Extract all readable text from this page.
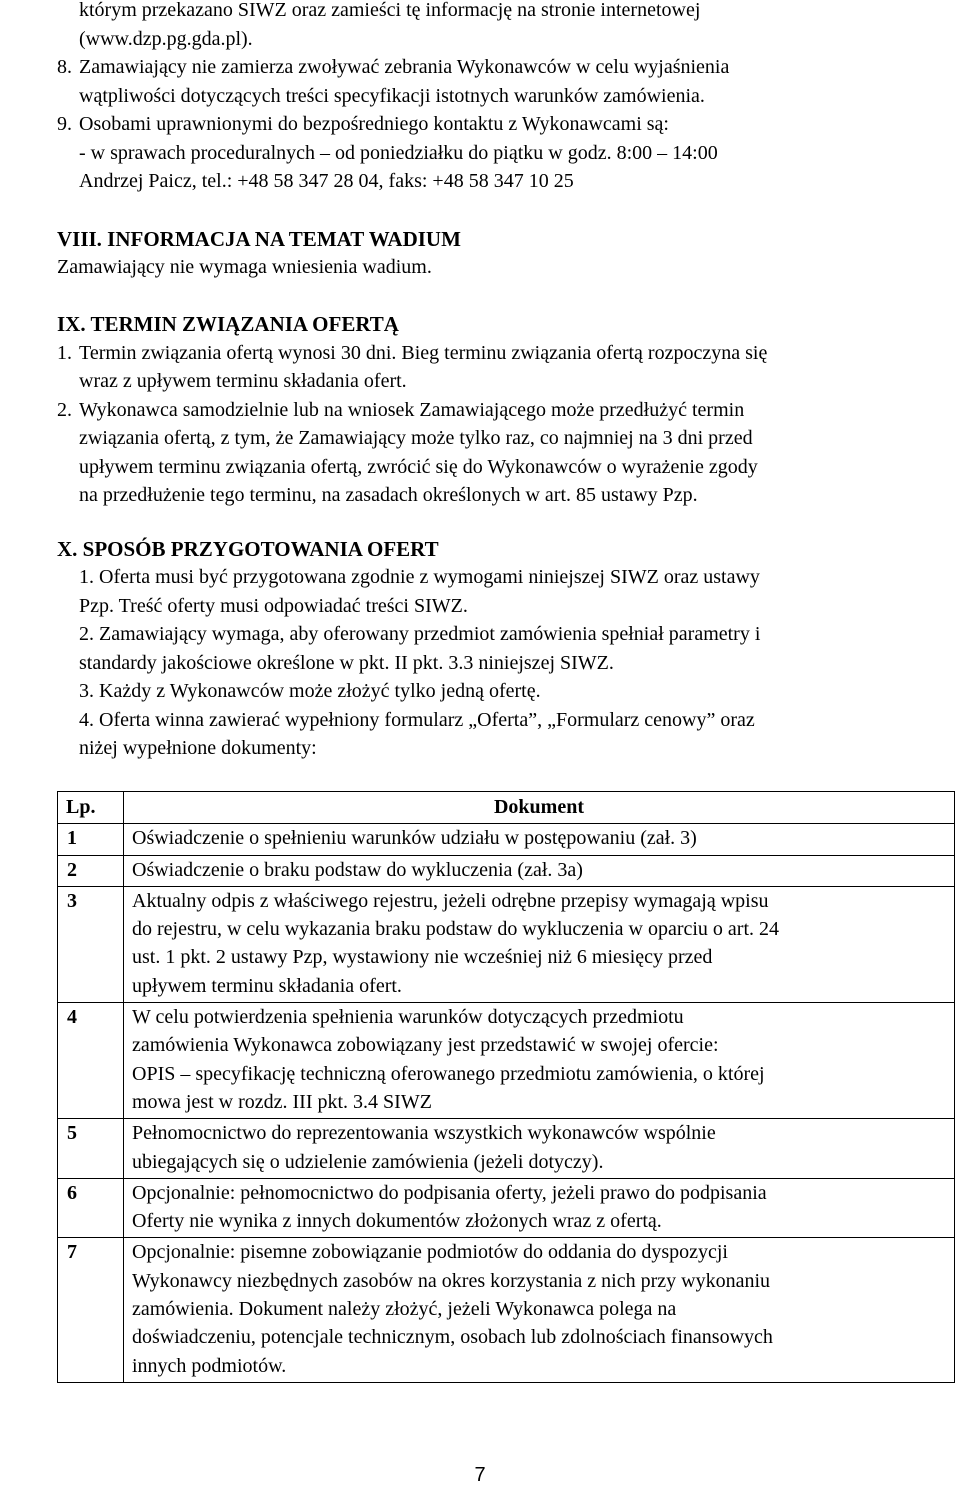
którym przekazano SIWZ oraz zamieści tę informację na stronie internetowej
(www.dzp.pg.gda.pl).
8. Zamawiający nie zamierza zwoływać zebrania Wykonawców w celu wyjaśnienia
wątpliwości dotyczących treści specyfikacji istotnych warunków zamówienia.
9. Osobami uprawnionymi do bezpośredniego kontaktu z Wykonawcami są:
- w sprawach proceduralnych – od poniedziałku do piątku w godz. 8:00 – 14:00
Andrzej Paicz, tel.: +48 58 347 28 04, faks: +48 58 347 10 25
VIII. INFORMACJA NA TEMAT WADIUM
Zamawiający nie wymaga wniesienia wadium.
IX. TERMIN ZWIĄZANIA OFERTĄ
1. Termin związania ofertą wynosi 30 dni. Bieg terminu związania ofertą rozpoczyna się
wraz z upływem terminu składania ofert.
2. Wykonawca samodzielnie lub na wniosek Zamawiającego może przedłużyć termin
związania ofertą, z tym, że Zamawiający może tylko raz, co najmniej na 3 dni przed
upływem terminu związania ofertą, zwrócić się do Wykonawców o wyrażenie zgody
na przedłużenie tego terminu, na zasadach określonych w art. 85 ustawy Pzp.
X. SPOSÓB PRZYGOTOWANIA OFERT
1. Oferta musi być przygotowana zgodnie z wymogami niniejszej SIWZ oraz ustawy
Pzp. Treść oferty musi odpowiadać treści SIWZ.
2. Zamawiający wymaga, aby oferowany przedmiot zamówienia spełniał parametry i
standardy jakościowe określone w pkt. II pkt. 3.3 niniejszej SIWZ.
3. Każdy z Wykonawców może złożyć tylko jedną ofertę.
4. Oferta winna zawierać wypełniony formularz „Oferta”, „Formularz cenowy” oraz
niżej wypełnione dokumenty:
Lp.	Dokument
1	Oświadczenie o spełnieniu warunków udziału w postępowaniu (zał. 3)

2	Oświadczenie o braku podstaw do wykluczenia (zał. 3a)

3	Aktualny odpis z właściwego rejestru, jeżeli odrębne przepisy wymagają wpisu
do rejestru, w celu wykazania braku podstaw do wykluczenia w oparciu o art. 24
ust. 1 pkt. 2 ustawy Pzp, wystawiony nie wcześniej niż 6 miesięcy przed
upływem terminu składania ofert.

4	W celu potwierdzenia spełnienia warunków dotyczących przedmiotu
zamówienia Wykonawca zobowiązany jest przedstawić w swojej ofercie:
OPIS – specyfikację techniczną oferowanego przedmiotu zamówienia, o której
mowa jest w rozdz. III pkt. 3.4 SIWZ

5	Pełnomocnictwo do reprezentowania wszystkich wykonawców wspólnie
ubiegających się o udzielenie zamówienia (jeżeli dotyczy).

6	Opcjonalnie: pełnomocnictwo do podpisania oferty, jeżeli prawo do podpisania
Oferty nie wynika z innych dokumentów złożonych wraz z ofertą.

7	Opcjonalnie: pisemne zobowiązanie podmiotów do oddania do dyspozycji
Wykonawcy niezbędnych zasobów na okres korzystania z nich przy wykonaniu
zamówienia. Dokument należy złożyć, jeżeli Wykonawca polega na
doświadczeniu, potencjale technicznym, osobach lub zdolnościach finansowych
innych podmiotów.
7
